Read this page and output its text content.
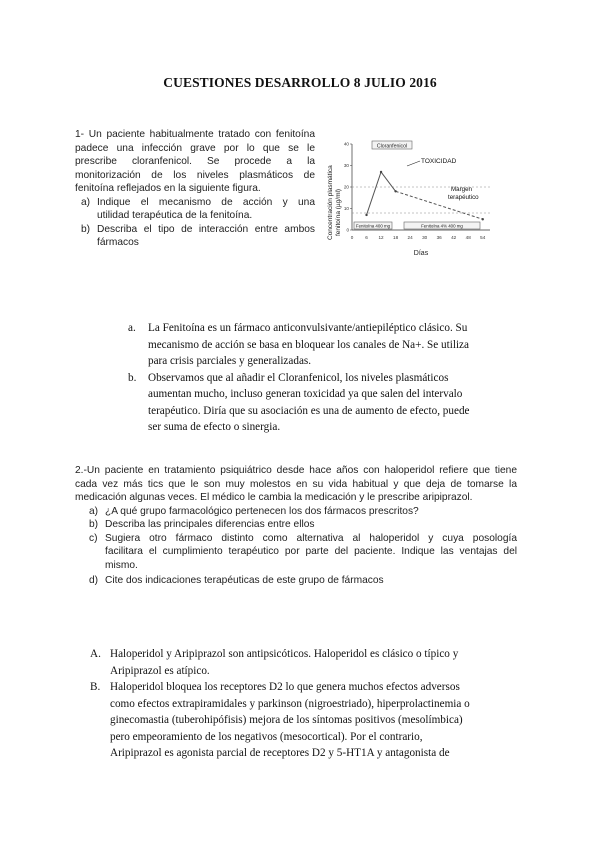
CUESTIONES DESARROLLO 8 JULIO 2016
1- Un paciente habitualmente tratado con fenitoína
padece una infección grave por lo que se le
prescribe cloranfenicol. Se procede a la
monitorización de los niveles plasmáticos de
fenitoína reflejados en la siguiente figura.
a) Indique el mecanismo de acción y una
utilidad terapéutica de la fenitoína.
b) Describa el tipo de interacción entre ambos
fármacos
Concentración plasmática fenitoína (µg/ml)
Cloranfenicol
0
10
20
30
40
0	6 12 18 24 30 36 42 48 54
TOXICIDAD
Margen
terapéutico
Fenitoína 400 mg	Fenitoína 4% 400 mg
Días
a. La Fenitoína es un fármaco anticonvulsivante/antiepiléptico clásico. Su
mecanismo de acción se basa en bloquear los canales de Na+. Se utiliza
para crisis parciales y generalizadas.
b. Observamos que al añadir el Cloranfenicol, los niveles plasmáticos
aumentan mucho, incluso generan toxicidad ya que salen del intervalo
terapéutico. Diría que su asociación es una de aumento de efecto, puede
ser suma de efecto o sinergia.
2.-Un paciente en tratamiento psiquiátrico desde hace años con haloperidol refiere que tiene
cada vez más tics que le son muy molestos en su vida habitual y que deja de tomarse la
medicación algunas veces. El médico le cambia la medicación y le prescribe aripiprazol.
a) ¿A qué grupo farmacológico pertenecen los dos fármacos prescritos?
b) Describa las principales diferencias entre ellos
c) Sugiera otro fármaco distinto como alternativa al haloperidol y cuya posología
facilitara el cumplimiento terapéutico por parte del paciente. Indique las ventajas del
mismo.
d) Cite dos indicaciones terapéuticas de este grupo de fármacos
A. Haloperidol y Aripiprazol son antipsicóticos. Haloperidol es clásico o típico y
Aripiprazol es atípico.
B. Haloperidol bloquea los receptores D2 lo que genera muchos efectos adversos
como efectos extrapiramidales y parkinson (nigroestriado), hiperprolactinemia o
ginecomastia (tuberohipófisis) mejora de los síntomas positivos (mesolímbica)
pero empeoramiento de los negativos (mesocortical). Por el contrario,
Aripiprazol es agonista parcial de receptores D2 y 5-HT1A y antagonista de
